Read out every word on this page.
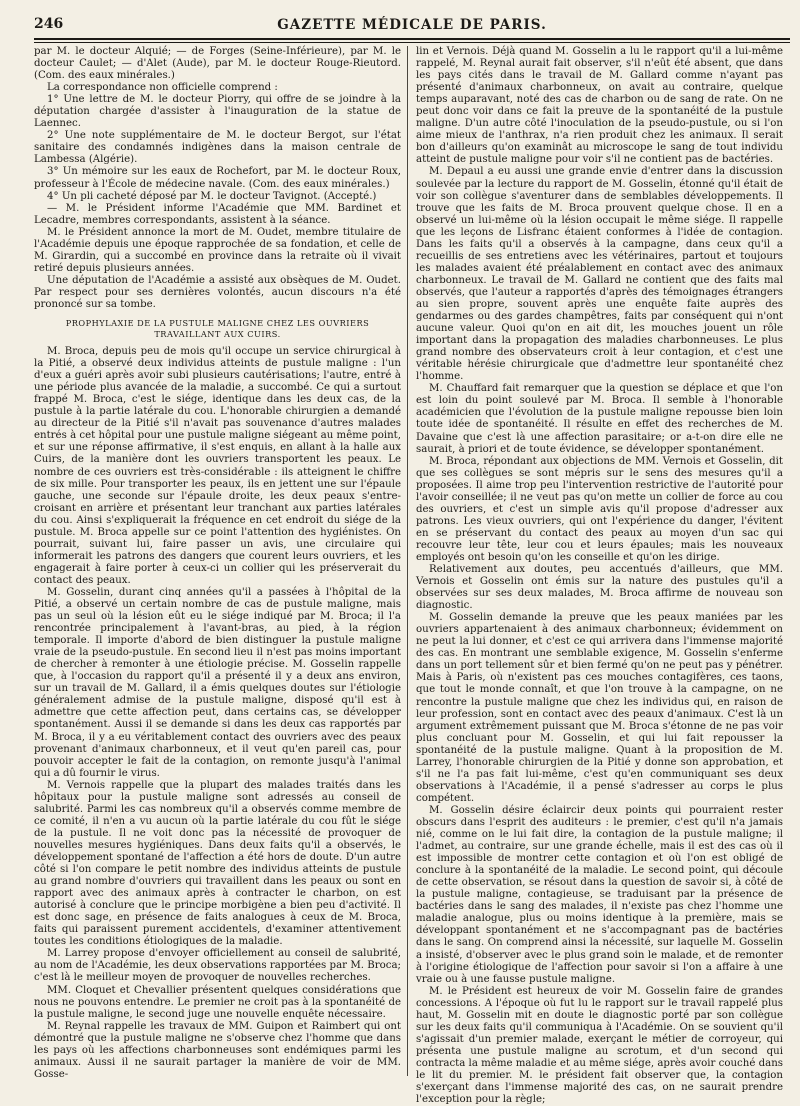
246	GAZETTE MÉDICALE DE PARIS.

par M. le docteur Alquié; — de Forges (Seine-Inférieure), par M. le docteur Caulet; — d'Alet (Aude), par M. le docteur Rouge-Rieutord. (Com. des eaux minérales.)

La correspondance non officielle comprend :

1° Une lettre de M. le docteur Piorry, qui offre de se joindre à la députation chargée d'assister à l'inauguration de la statue de Laennec.

2° Une note supplémentaire de M. le docteur Bergot, sur l'état sanitaire des condamnés indigènes dans la maison centrale de Lambessa (Algérie).

3° Un mémoire sur les eaux de Rochefort, par M. le docteur Roux, professeur à l'École de médecine navale. (Com. des eaux minérales.)

4° Un pli cacheté déposé par M. le docteur Tavignot. (Accepté.)

— M. le Président informe l'Académie que MM. Bardinet et Lecadre, membres correspondants, assistent à la séance.

M. le Président annonce la mort de M. Oudet, membre titulaire de l'Académie depuis une époque rapprochée de sa fondation, et celle de M. Girardin, qui a succombé en province dans la retraite où il vivait retiré depuis plusieurs années.

Une députation de l'Académie a assisté aux obsèques de M. Oudet. Par respect pour ses dernières volontés, aucun discours n'a été prononcé sur sa tombe.

PROPHYLAXIE DE LA PUSTULE MALIGNE CHEZ LES OUVRIERS TRAVAILLANT AUX CUIRS.

M. Broca, depuis peu de mois qu'il occupe un service chirurgical à la Pitié, a observé deux individus atteints de pustule maligne : l'un d'eux a guéri après avoir subi plusieurs cautérisations; l'autre, entré à une période plus avancée de la maladie, a succombé. Ce qui a surtout frappé M. Broca, c'est le siége, identique dans les deux cas, de la pustule à la partie latérale du cou. L'honorable chirurgien a demandé au directeur de la Pitié s'il n'avait pas souvenance d'autres malades entrés à cet hôpital pour une pustule maligne siégeant au même point, et sur une réponse affirmative, il s'est enquis, en allant à la halle aux Cuirs, de la manière dont les ouvriers transportent les peaux. Le nombre de ces ouvriers est très-considérable : ils atteignent le chiffre de six mille. Pour transporter les peaux, ils en jettent une sur l'épaule gauche, une seconde sur l'épaule droite, les deux peaux s'entre-croisant en arrière et présentant leur tranchant aux parties latérales du cou. Ainsi s'expliquerait la fréquence en cet endroit du siége de la pustule. M. Broca appelle sur ce point l'attention des hygiénistes. On pourrait, suivant lui, faire passer un avis, une circulaire qui informerait les patrons des dangers que courent leurs ouvriers, et les engagerait à faire porter à ceux-ci un collier qui les préserverait du contact des peaux.

M. Gosselin, durant cinq années qu'il a passées à l'hôpital de la Pitié, a observé un certain nombre de cas de pustule maligne, mais pas un seul où la lésion eût eu le siége indiqué par M. Broca; il l'a rencontrée principalement à l'avant-bras, au pied, à la région temporale. Il importe d'abord de bien distinguer la pustule maligne vraie de la pseudo-pustule. En second lieu il n'est pas moins important de chercher à remonter à une étiologie précise. M. Gosselin rappelle que, à l'occasion du rapport qu'il a présenté il y a deux ans environ, sur un travail de M. Gallard, il a émis quelques doutes sur l'étiologie généralement admise de la pustule maligne, disposé qu'il est à admettre que cette affection peut, dans certains cas, se développer spontanément. Aussi il se demande si dans les deux cas rapportés par M. Broca, il y a eu véritablement contact des ouvriers avec des peaux provenant d'animaux charbonneux, et il veut qu'en pareil cas, pour pouvoir accepter le fait de la contagion, on remonte jusqu'à l'animal qui a dû fournir le virus.

M. Vernois rappelle que la plupart des malades traités dans les hôpitaux pour la pustule maligne sont adressés au conseil de salubrité. Parmi les cas nombreux qu'il a observés comme membre de ce comité, il n'en a vu aucun où la partie latérale du cou fût le siége de la pustule. Il ne voit donc pas la nécessité de provoquer de nouvelles mesures hygiéniques. Dans deux faits qu'il a observés, le développement spontané de l'affection a été hors de doute. D'un autre côté si l'on compare le petit nombre des individus atteints de pustule au grand nombre d'ouvriers qui travaillent dans les peaux ou sont en rapport avec des animaux après à contracter le charbon, on est autorisé à conclure que le principe morbigène a bien peu d'activité. Il est donc sage, en présence de faits analogues à ceux de M. Broca, faits qui paraissent purement accidentels, d'examiner attentivement toutes les conditions étiologiques de la maladie.

M. Larrey propose d'envoyer officiellement au conseil de salubrité, au nom de l'Académie, les deux observations rapportées par M. Broca; c'est là le meilleur moyen de provoquer de nouvelles recherches.

MM. Cloquet et Chevallier présentent quelques considérations que nous ne pouvons entendre. Le premier ne croit pas à la spontanéité de la pustule maligne, le second juge une nouvelle enquête nécessaire.

M. Reynal rappelle les travaux de MM. Guipon et Raimbert qui ont démontré que la pustule maligne ne s'observe chez l'homme que dans les pays où les affections charbonneuses sont endémiques parmi les animaux. Aussi il ne saurait partager la manière de voir de MM. Gosse-

lin et Vernois. Déjà quand M. Gosselin a lu le rapport qu'il a lui-même rappelé, M. Reynal aurait fait observer, s'il n'eût été absent, que dans les pays cités dans le travail de M. Gallard comme n'ayant pas présenté d'animaux charbonneux, on avait au contraire, quelque temps auparavant, noté des cas de charbon ou de sang de rate. On ne peut donc voir dans ce fait la preuve de la spontanéité de la pustule maligne. D'un autre côté l'inoculation de la pseudo-pustule, ou si l'on aime mieux de l'anthrax, n'a rien produit chez les animaux. Il serait bon d'ailleurs qu'on examinât au microscope le sang de tout individu atteint de pustule maligne pour voir s'il ne contient pas de bactéries.

M. Depaul a eu aussi une grande envie d'entrer dans la discussion soulevée par la lecture du rapport de M. Gosselin, étonné qu'il était de voir son collègue s'aventurer dans de semblables développements. Il trouve que les faits de M. Broca prouvent quelque chose. Il en a observé un lui-même où la lésion occupait le même siége. Il rappelle que les leçons de Lisfranc étaient conformes à l'idée de contagion. Dans les faits qu'il a observés à la campagne, dans ceux qu'il a recueillis de ses entretiens avec les vétérinaires, partout et toujours les malades avaient été préalablement en contact avec des animaux charbonneux. Le travail de M. Gallard ne contient que des faits mal observés, que l'auteur a rapportés d'après des témoignages étrangers au sien propre, souvent après une enquête faite auprès des gendarmes ou des gardes champêtres, faits par conséquent qui n'ont aucune valeur. Quoi qu'on en ait dit, les mouches jouent un rôle important dans la propagation des maladies charbonneuses. Le plus grand nombre des observateurs croit à leur contagion, et c'est une véritable hérésie chirurgicale que d'admettre leur spontanéité chez l'homme.

M. Chauffard fait remarquer que la question se déplace et que l'on est loin du point soulevé par M. Broca. Il semble à l'honorable académicien que l'évolution de la pustule maligne repousse bien loin toute idée de spontanéité. Il résulte en effet des recherches de M. Davaine que c'est là une affection parasitaire; or a-t-on dire elle ne saurait, à priori et de toute évidence, se développer spontanément.

M. Broca, répondant aux objections de MM. Vernois et Gosselin, dit que ses collègues se sont mépris sur le sens des mesures qu'il a proposées. Il aime trop peu l'intervention restrictive de l'autorité pour l'avoir conseillée; il ne veut pas qu'on mette un collier de force au cou des ouvriers, et c'est un simple avis qu'il propose d'adresser aux patrons. Les vieux ouvriers, qui ont l'expérience du danger, l'évitent en se préservant du contact des peaux au moyen d'un sac qui recouvre leur tête, leur cou et leurs épaules; mais les nouveaux employés ont besoin qu'on les conseille et qu'on les dirige.

Relativement aux doutes, peu accentués d'ailleurs, que MM. Vernois et Gosselin ont émis sur la nature des pustules qu'il a observées sur ses deux malades, M. Broca affirme de nouveau son diagnostic.

M. Gosselin demande la preuve que les peaux maniées par les ouvriers appartenaient à des animaux charbonneux; évidemment on ne peut la lui donner, et c'est ce qui arrivera dans l'immense majorité des cas. En montrant une semblable exigence, M. Gosselin s'enferme dans un port tellement sûr et bien fermé qu'on ne peut pas y pénétrer. Mais à Paris, où n'existent pas ces mouches contagifères, ces taons, que tout le monde connaît, et que l'on trouve à la campagne, on ne rencontre la pustule maligne que chez les individus qui, en raison de leur profession, sont en contact avec des peaux d'animaux. C'est là un argument extrêmement puissant que M. Broca s'étonne de ne pas voir plus concluant pour M. Gosselin, et qui lui fait repousser la spontanéité de la pustule maligne. Quant à la proposition de M. Larrey, l'honorable chirurgien de la Pitié y donne son approbation, et s'il ne l'a pas fait lui-même, c'est qu'en communiquant ses deux observations à l'Académie, il a pensé s'adresser au corps le plus compétent.

M. Gosselin désire éclaircir deux points qui pourraient rester obscurs dans l'esprit des auditeurs : le premier, c'est qu'il n'a jamais nié, comme on le lui fait dire, la contagion de la pustule maligne; il l'admet, au contraire, sur une grande échelle, mais il est des cas où il est impossible de montrer cette contagion et où l'on est obligé de conclure à la spontanéité de la maladie. Le second point, qui découle de cette observation, se résout dans la question de savoir si, à côté de la pustule maligne, contagieuse, se traduisant par la présence de bactéries dans le sang des malades, il n'existe pas chez l'homme une maladie analogue, plus ou moins identique à la première, mais se développant spontanément et ne s'accompagnant pas de bactéries dans le sang. On comprend ainsi la nécessité, sur laquelle M. Gosselin a insisté, d'observer avec le plus grand soin le malade, et de remonter à l'origine étiologique de l'affection pour savoir si l'on a affaire à une vraie ou à une fausse pustule maligne.

M. le Président est heureux de voir M. Gosselin faire de grandes concessions. A l'époque où fut lu le rapport sur le travail rappelé plus haut, M. Gosselin mit en doute le diagnostic porté par son collègue sur les deux faits qu'il communiqua à l'Académie. On se souvient qu'il s'agissait d'un premier malade, exerçant le métier de corroyeur, qui présenta une pustule maligne au scrotum, et d'un second qui contracta la même maladie et au même siége, après avoir couché dans le lit du premier. M. le président fait observer que, la contagion s'exerçant dans l'immense majorité des cas, on ne saurait prendre l'exception pour la règle;
